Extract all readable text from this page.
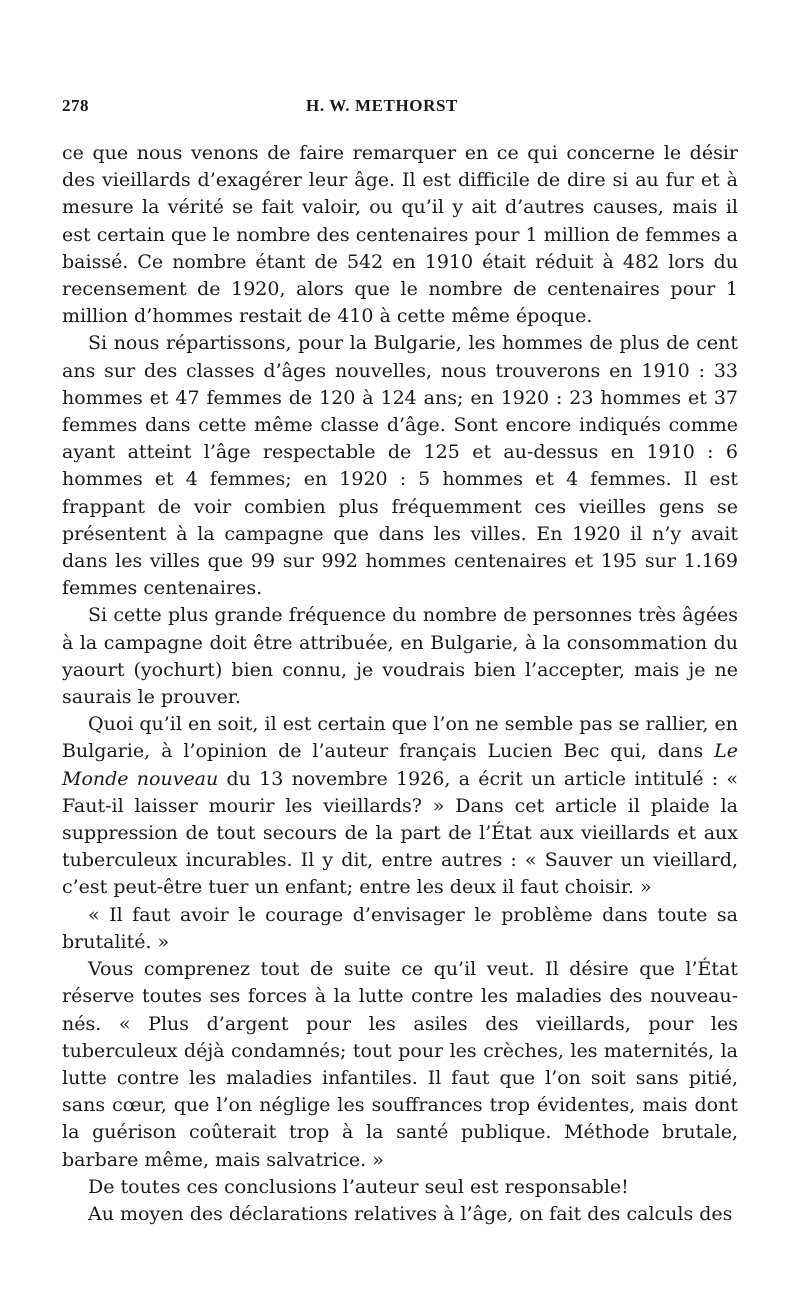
278	H. W. METHORST

ce que nous venons de faire remarquer en ce qui concerne le désir des vieillards d’exagérer leur âge. Il est difficile de dire si au fur et à mesure la vérité se fait valoir, ou qu’il y ait d’autres causes, mais il est certain que le nombre des centenaires pour 1 million de femmes a baissé. Ce nombre étant de 542 en 1910 était réduit à 482 lors du recensement de 1920, alors que le nombre de centenaires pour 1 million d’hommes restait de 410 à cette même époque.

Si nous répartissons, pour la Bulgarie, les hommes de plus de cent ans sur des classes d’âges nouvelles, nous trouverons en 1910 : 33 hommes et 47 femmes de 120 à 124 ans; en 1920 : 23 hommes et 37 femmes dans cette même classe d’âge. Sont encore indiqués comme ayant atteint l’âge respectable de 125 et au-dessus en 1910 : 6 hommes et 4 femmes; en 1920 : 5 hommes et 4 femmes. Il est frappant de voir combien plus fréquemment ces vieilles gens se présentent à la campagne que dans les villes. En 1920 il n’y avait dans les villes que 99 sur 992 hommes centenaires et 195 sur 1.169 femmes centenaires.

Si cette plus grande fréquence du nombre de personnes très âgées à la campagne doit être attribuée, en Bulgarie, à la consommation du yaourt (yochurt) bien connu, je voudrais bien l’accepter, mais je ne saurais le prouver.

Quoi qu’il en soit, il est certain que l’on ne semble pas se rallier, en Bulgarie, à l’opinion de l’auteur français Lucien Bec qui, dans Le Monde nouveau du 13 novembre 1926, a écrit un article intitulé : « Faut-il laisser mourir les vieillards? » Dans cet article il plaide la suppression de tout secours de la part de l’État aux vieillards et aux tuberculeux incurables. Il y dit, entre autres : « Sauver un vieillard, c’est peut-être tuer un enfant; entre les deux il faut choisir. »

« Il faut avoir le courage d’envisager le problème dans toute sa brutalité. »

Vous comprenez tout de suite ce qu’il veut. Il désire que l’État réserve toutes ses forces à la lutte contre les maladies des nouveau-nés. « Plus d’argent pour les asiles des vieillards, pour les tuberculeux déjà condamnés; tout pour les crèches, les maternités, la lutte contre les maladies infantiles. Il faut que l’on soit sans pitié, sans cœur, que l’on néglige les souffrances trop évidentes, mais dont la guérison coûterait trop à la santé publique. Méthode brutale, barbare même, mais salvatrice. »

De toutes ces conclusions l’auteur seul est responsable!

Au moyen des déclarations relatives à l’âge, on fait des calculs des
